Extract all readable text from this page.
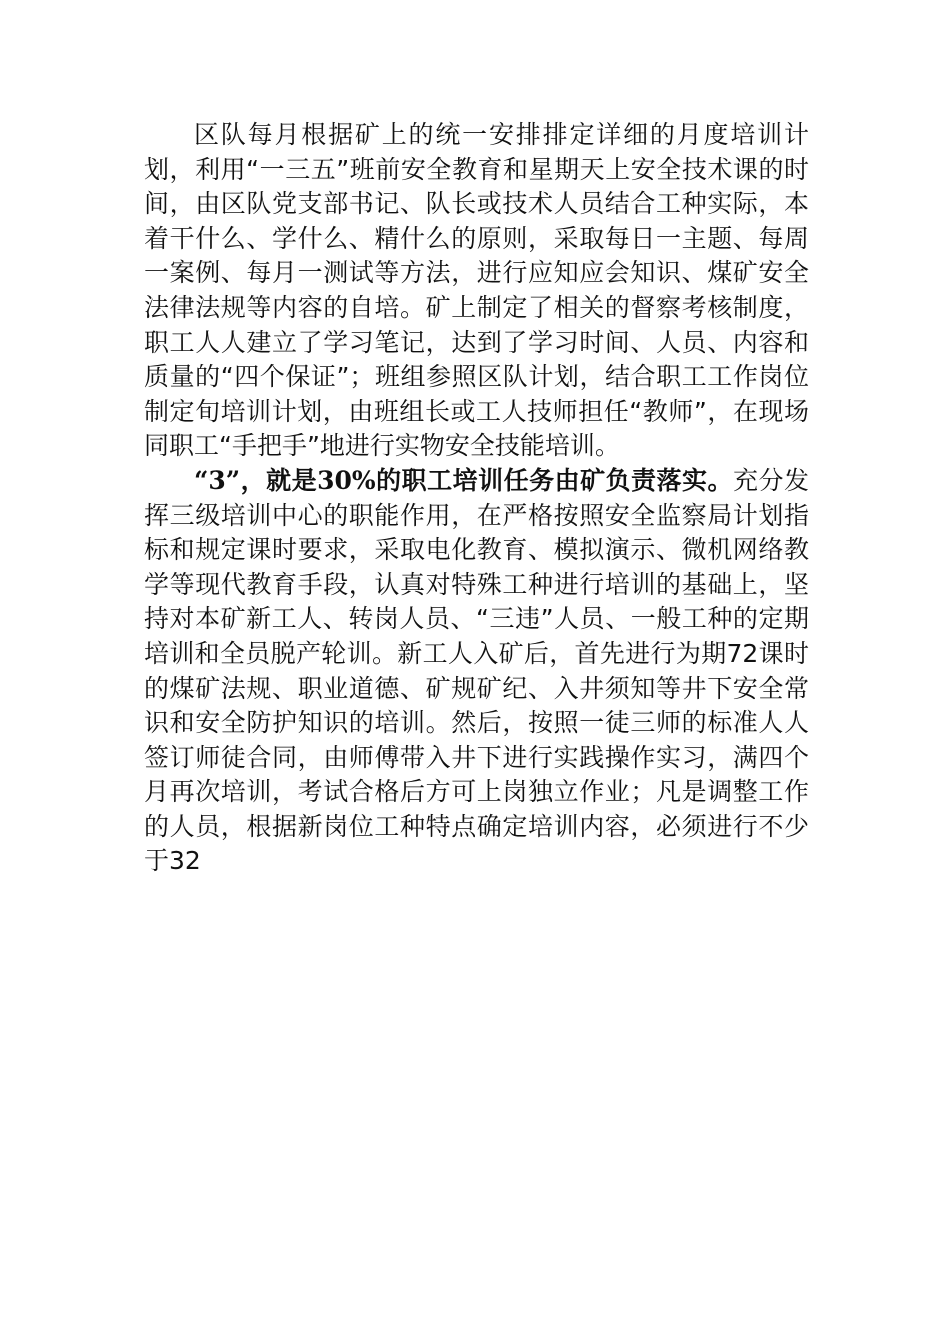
区队每月根据矿上的统一安排排定详细的月度培训计划，利用“一三五”班前安全教育和星期天上安全技术课的时间，由区队党支部书记、队长或技术人员结合工种实际，本着干什么、学什么、精什么的原则，采取每日一主题、每周一案例、每月一测试等方法，进行应知应会知识、煤矿安全法律法规等内容的自培。矿上制定了相关的督察考核制度，职工人人建立了学习笔记，达到了学习时间、人员、内容和质量的“四个保证”；班组参照区队计划，结合职工工作岗位制定旬培训计划，由班组长或工人技师担任“教师”，在现场同职工“手把手”地进行实物安全技能培训。

“3”，就是30%的职工培训任务由矿负责落实。充分发挥三级培训中心的职能作用，在严格按照安全监察局计划指标和规定课时要求，采取电化教育、模拟演示、微机网络教学等现代教育手段，认真对特殊工种进行培训的基础上，坚持对本矿新工人、转岗人员、“三违”人员、一般工种的定期培训和全员脱产轮训。新工人入矿后，首先进行为期72课时的煤矿法规、职业道德、矿规矿纪、入井须知等井下安全常识和安全防护知识的培训。然后，按照一徒三师的标准人人签订师徒合同，由师傅带入井下进行实践操作实习，满四个月再次培训，考试合格后方可上岗独立作业；凡是调整工作的人员，根据新岗位工种特点确定培训内容，必须进行不少于32
